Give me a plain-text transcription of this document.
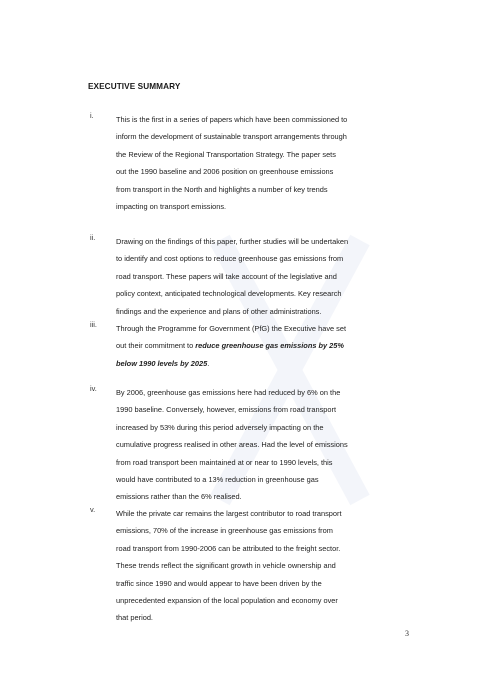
EXECUTIVE SUMMARY
i.	This is the first in a series of papers which have been commissioned to
inform the development of sustainable transport arrangements through
the Review of the Regional Transportation Strategy. The paper sets
out the 1990 baseline and 2006 position on greenhouse emissions
from transport in the North and highlights a number of key trends
impacting on transport emissions.
ii.	Drawing on the findings of this paper, further studies will be undertaken
to identify and cost options to reduce greenhouse gas emissions from
road transport. These papers will take account of the legislative and
policy context, anticipated technological developments. Key research
findings and the experience and plans of other administrations.
iii.	Through the Programme for Government (PfG) the Executive have set
out their commitment to reduce greenhouse gas emissions by 25%
below 1990 levels by 2025.
iv.	By 2006, greenhouse gas emissions here had reduced by 6% on the
1990 baseline. Conversely, however, emissions from road transport
increased by 53% during this period adversely impacting on the
cumulative progress realised in other areas. Had the level of emissions
from road transport been maintained at or near to 1990 levels, this
would have contributed to a 13% reduction in greenhouse gas
emissions rather than the 6% realised.
v.	While the private car remains the largest contributor to road transport
emissions, 70% of the increase in greenhouse gas emissions from
road transport from 1990-2006 can be attributed to the freight sector.
These trends reflect the significant growth in vehicle ownership and
traffic since 1990 and would appear to have been driven by the
unprecedented expansion of the local population and economy over
that period.
3
